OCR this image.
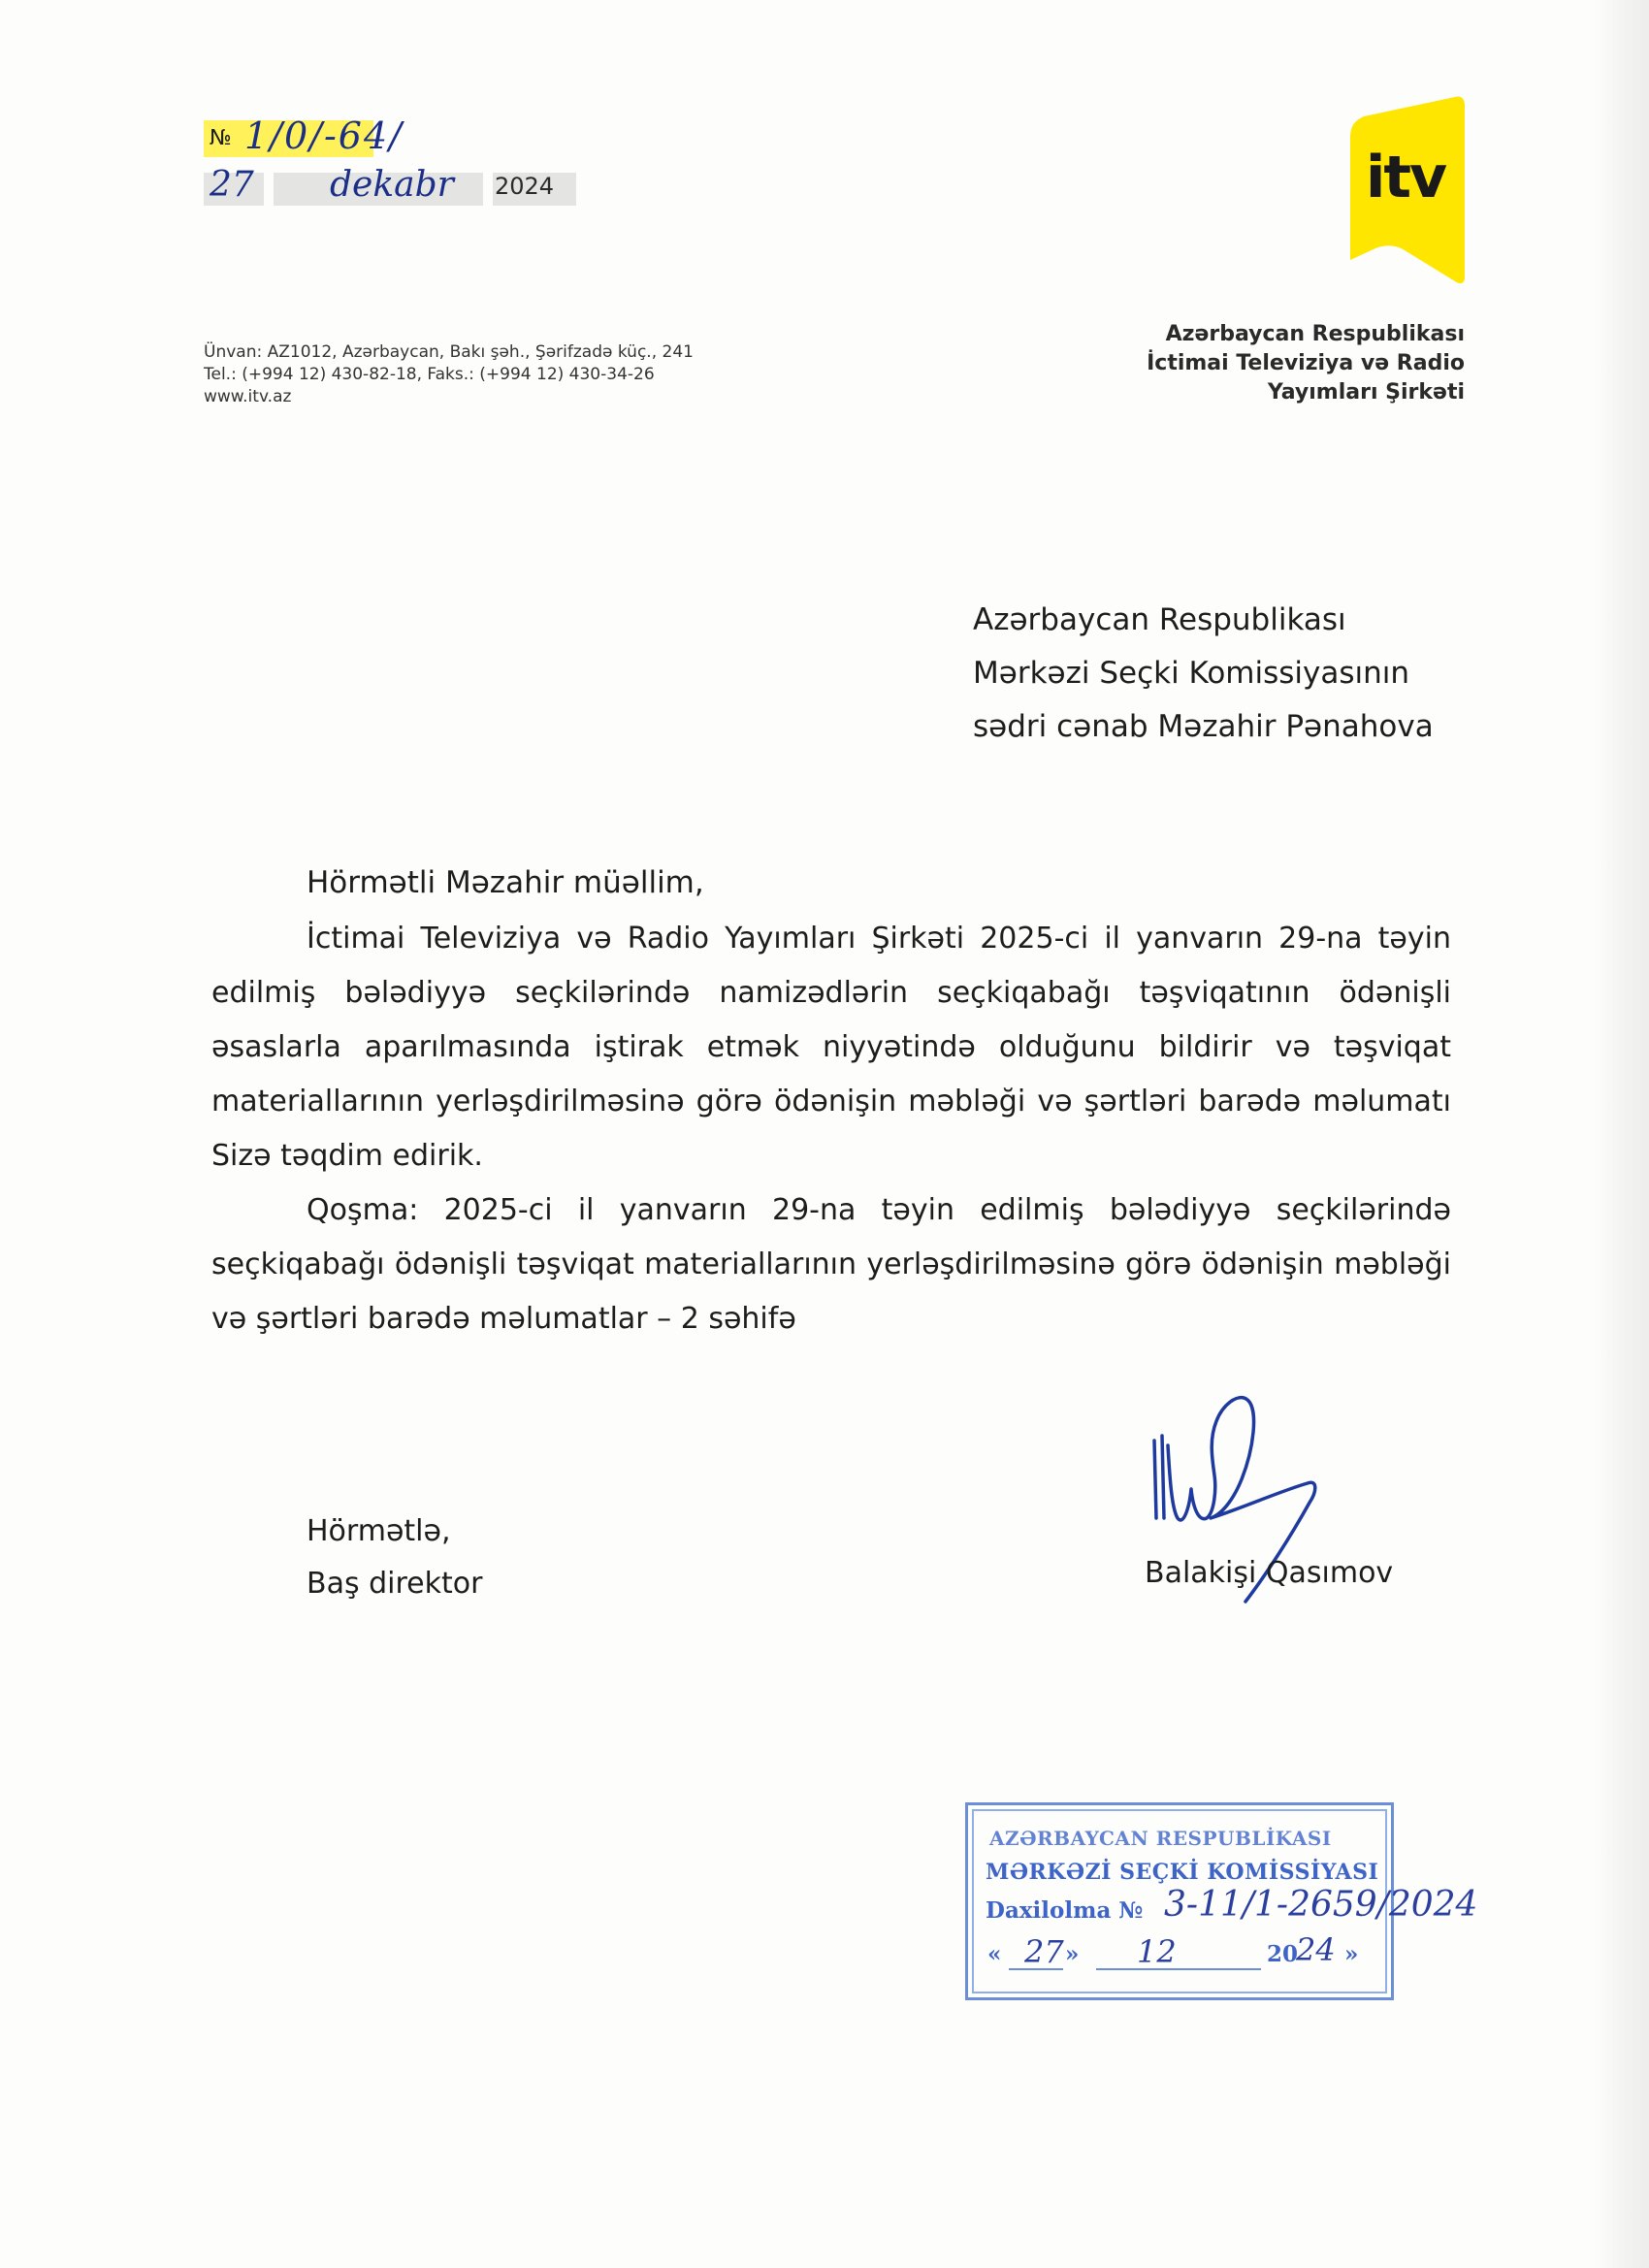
№ 1/0/-64/
27 dekabr 2024	itv
Ünvan: AZ1012, Azərbaycan, Bakı şəh., Şərifzadə küç., 241
Tel.: (+994 12) 430-82-18, Faks.: (+994 12) 430-34-26
www.itv.az
Azərbaycan Respublikası
İctimai Televiziya və Radio
Yayımları Şirkəti
Azərbaycan Respublikası
Mərkəzi Seçki Komissiyasının
sədri cənab Məzahir Pənahova
Hörmətli Məzahir müəllim,

İctimai Televiziya və Radio Yayımları Şirkəti 2025-ci il yanvarın 29-na təyin edilmiş bələdiyyə seçkilərində namizədlərin seçkiqabağı təşviqatının ödənişli əsaslarla aparılmasında iştirak etmək niyyətində olduğunu bildirir və təşviqat materiallarının yerləşdirilməsinə görə ödənişin məbləği və şərtləri barədə məlumatı Sizə təqdim edirik.

Qoşma: 2025-ci il yanvarın 29-na təyin edilmiş bələdiyyə seçkilərində seçkiqabağı ödənişli təşviqat materiallarının yerləşdirilməsinə görə ödənişin məbləği və şərtləri barədə məlumatlar – 2 səhifə

Hörmətlə,
Baş direktor	Balakişi Qasımov
AZƏRBAYCAN RESPUBLİKASI
MƏRKƏZİ SEÇKİ KOMİSSİYASI
Daxilolma № 3-11/1-2659/2024
« 27 » 12	20
24 »
